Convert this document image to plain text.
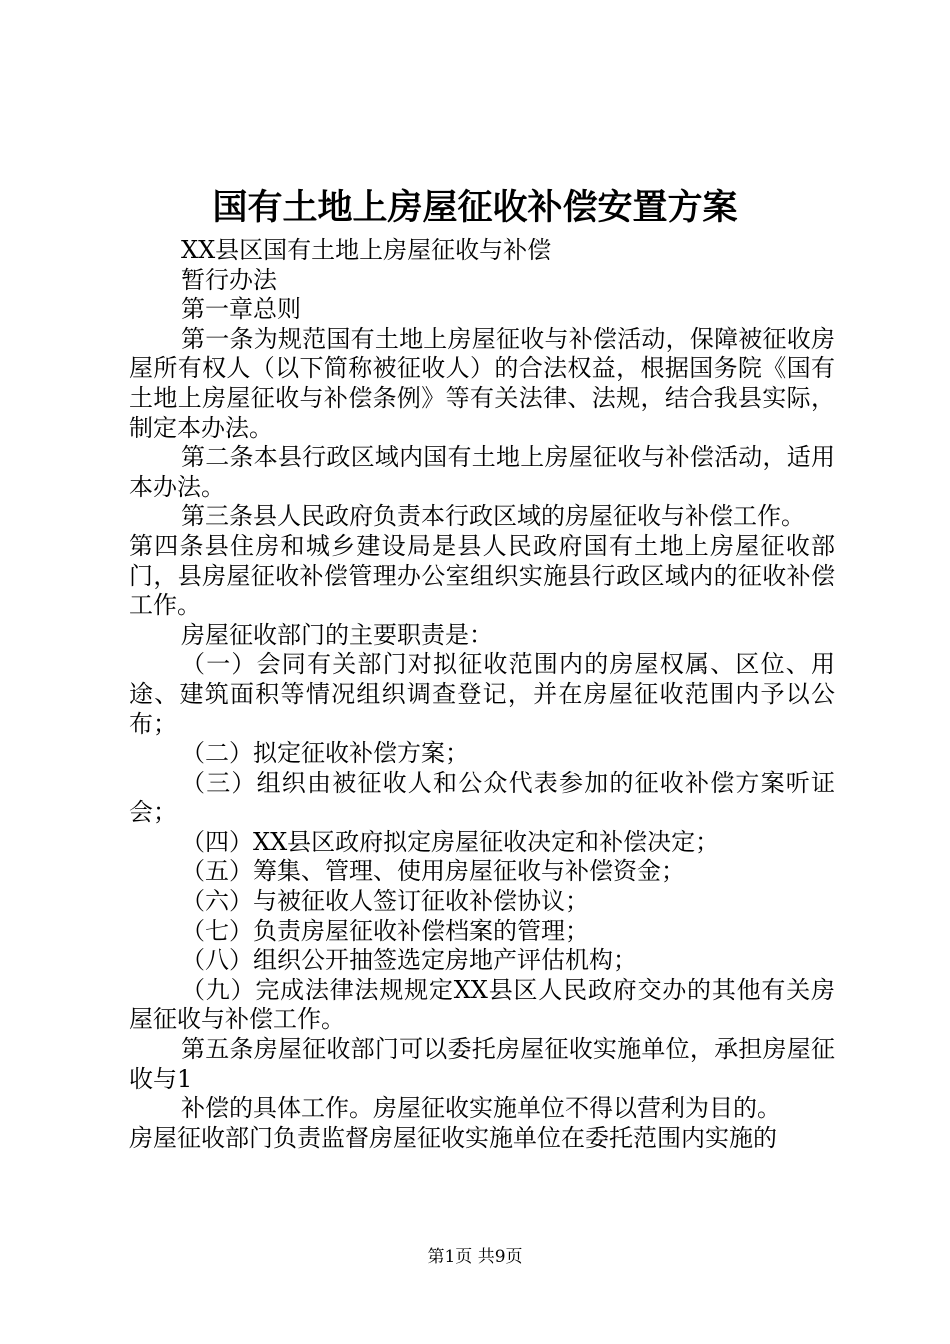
国有土地上房屋征收补偿安置方案

XX县区国有土地上房屋征收与补偿

暂行办法

第一章总则

第一条为规范国有土地上房屋征收与补偿活动，保障被征收房屋所有权人（以下简称被征收人）的合法权益，根据国务院《国有土地上房屋征收与补偿条例》等有关法律、法规，结合我县实际，制定本办法。

第二条本县行政区域内国有土地上房屋征收与补偿活动，适用本办法。

第三条县人民政府负责本行政区域的房屋征收与补偿工作。

第四条县住房和城乡建设局是县人民政府国有土地上房屋征收部门，县房屋征收补偿管理办公室组织实施县行政区域内的征收补偿工作。

房屋征收部门的主要职责是：

（一）会同有关部门对拟征收范围内的房屋权属、区位、用途、建筑面积等情况组织调查登记，并在房屋征收范围内予以公布；

（二）拟定征收补偿方案；

（三）组织由被征收人和公众代表参加的征收补偿方案听证会；

（四）XX县区政府拟定房屋征收决定和补偿决定；

（五）筹集、管理、使用房屋征收与补偿资金；

（六）与被征收人签订征收补偿协议；

（七）负责房屋征收补偿档案的管理；

（八）组织公开抽签选定房地产评估机构；

（九）完成法律法规规定XX县区人民政府交办的其他有关房屋征收与补偿工作。

第五条房屋征收部门可以委托房屋征收实施单位，承担房屋征收与1

补偿的具体工作。房屋征收实施单位不得以营利为目的。

房屋征收部门负责监督房屋征收实施单位在委托范围内实施的

第1页 共9页
